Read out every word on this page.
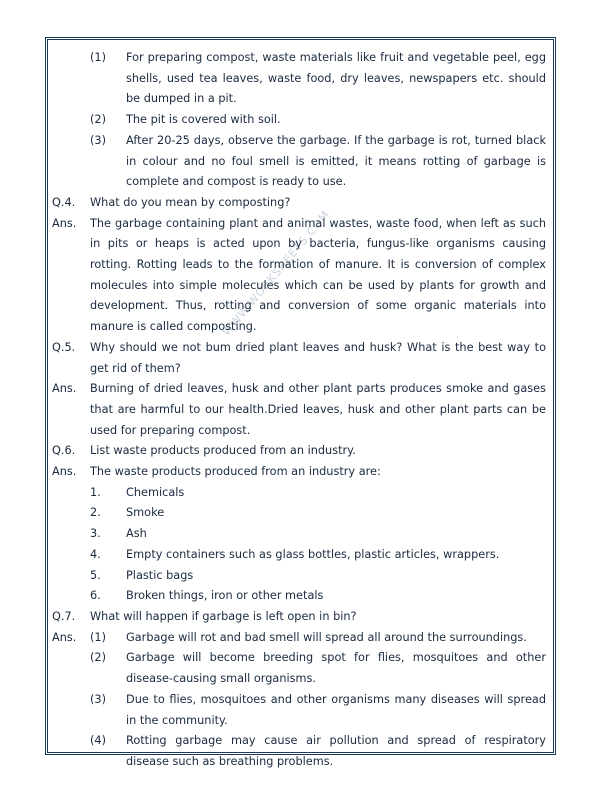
WWW.WORKSHEETS.COM
(1)	For preparing compost, waste materials like fruit and vegetable peel, egg shells, used tea leaves, waste food, dry leaves, newspapers etc. should be dumped in a pit.
(2)	The pit is covered with soil.
(3)	After 20-25 days, observe the garbage. If the garbage is rot, turned black in colour and no foul smell is emitted, it means rotting of garbage is complete and compost is ready to use.
Q.4.	What do you mean by composting?
Ans.	The garbage containing plant and animal wastes, waste food, when left as such in pits or heaps is acted upon by bacteria, fungus-like organisms causing rotting. Rotting leads to the formation of manure. It is conversion of complex molecules into simple molecules which can be used by plants for growth and development. Thus, rotting and conversion of some organic materials into manure is called composting.
Q.5.	Why should we not bum dried plant leaves and husk? What is the best way to get rid of them?
Ans.	Burning of dried leaves, husk and other plant parts produces smoke and gases that are harmful to our health.Dried leaves, husk and other plant parts can be used for preparing compost.
Q.6.	List waste products produced from an industry.
Ans.	The waste products produced from an industry are:
1.	Chemicals
2.	Smoke
3.	Ash
4.	Empty containers such as glass bottles, plastic articles, wrappers.
5.	Plastic bags
6.	Broken things, iron or other metals
Q.7.	What will happen if garbage is left open in bin?
Ans.	(1)	Garbage will rot and bad smell will spread all around the surroundings.
(2)	Garbage will become breeding spot for flies, mosquitoes and other disease-causing small organisms.
(3)	Due to flies, mosquitoes and other organisms many diseases will spread in the community.
(4)	Rotting garbage may cause air pollution and spread of respiratory disease such as breathing problems.
